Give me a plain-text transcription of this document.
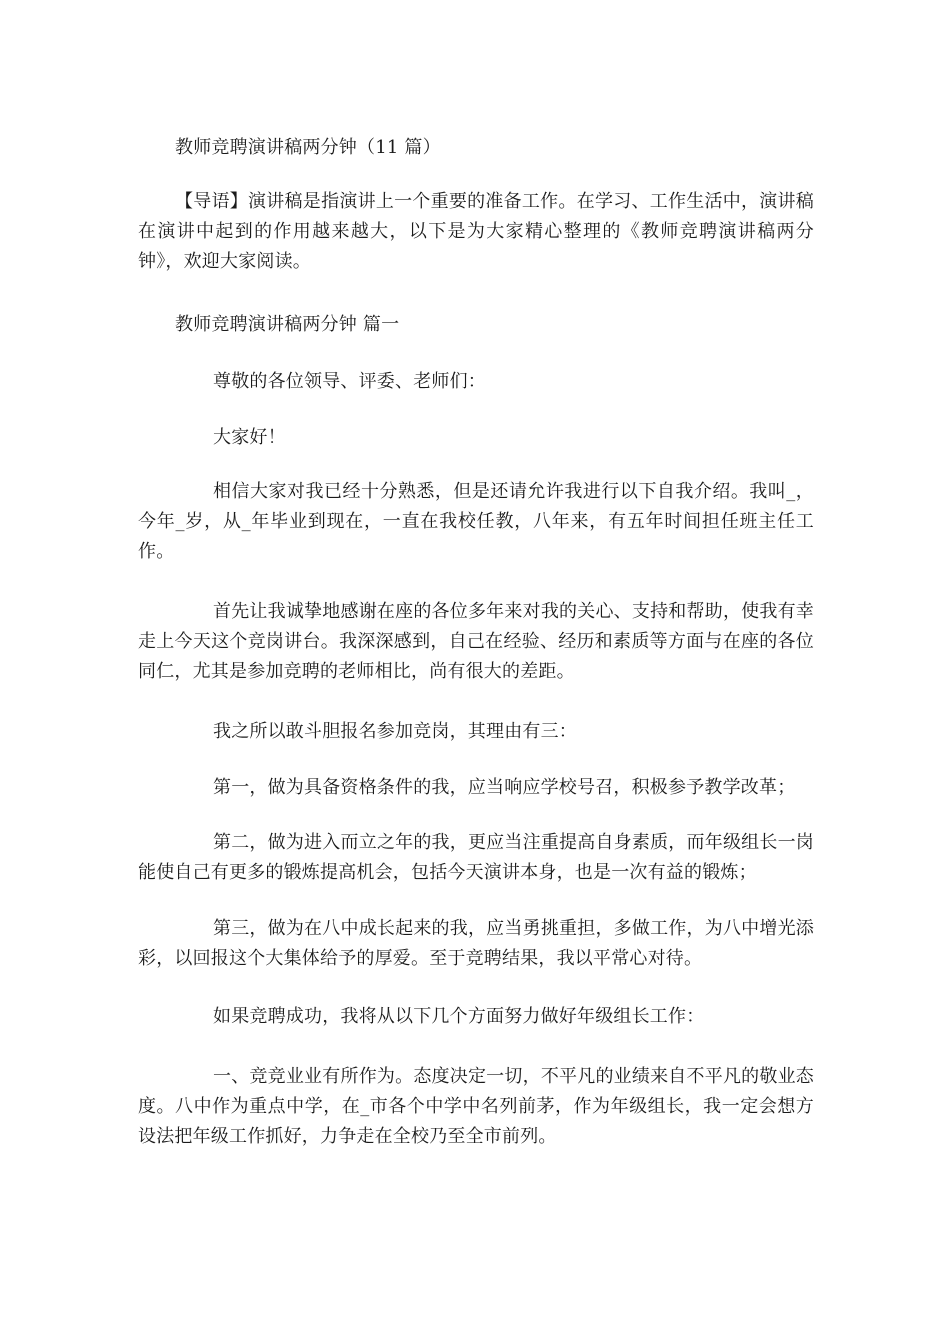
教师竞聘演讲稿两分钟（11 篇）
【导语】演讲稿是指演讲上一个重要的准备工作。在学习、工作生活中，演讲稿在演讲中起到的作用越来越大，以下是为大家精心整理的《教师竞聘演讲稿两分钟》，欢迎大家阅读。
教师竞聘演讲稿两分钟 篇一
尊敬的各位领导、评委、老师们：
大家好！
相信大家对我已经十分熟悉，但是还请允许我进行以下自我介绍。我叫_，今年_岁，从_年毕业到现在，一直在我校任教，八年来，有五年时间担任班主任工作。
首先让我诚挚地感谢在座的各位多年来对我的关心、支持和帮助，使我有幸走上今天这个竞岗讲台。我深深感到，自己在经验、经历和素质等方面与在座的各位同仁，尤其是参加竞聘的老师相比，尚有很大的差距。
我之所以敢斗胆报名参加竞岗，其理由有三：
第一，做为具备资格条件的我，应当响应学校号召，积极参予教学改革；
第二，做为进入而立之年的我，更应当注重提高自身素质，而年级组长一岗能使自己有更多的锻炼提高机会，包括今天演讲本身，也是一次有益的锻炼；
第三，做为在八中成长起来的我，应当勇挑重担，多做工作，为八中增光添彩，以回报这个大集体给予的厚爱。至于竞聘结果，我以平常心对待。
如果竞聘成功，我将从以下几个方面努力做好年级组长工作：
一、竞竞业业有所作为。态度决定一切，不平凡的业绩来自不平凡的敬业态度。八中作为重点中学，在_市各个中学中名列前茅，作为年级组长，我一定会想方设法把年级工作抓好，力争走在全校乃至全市前列。
